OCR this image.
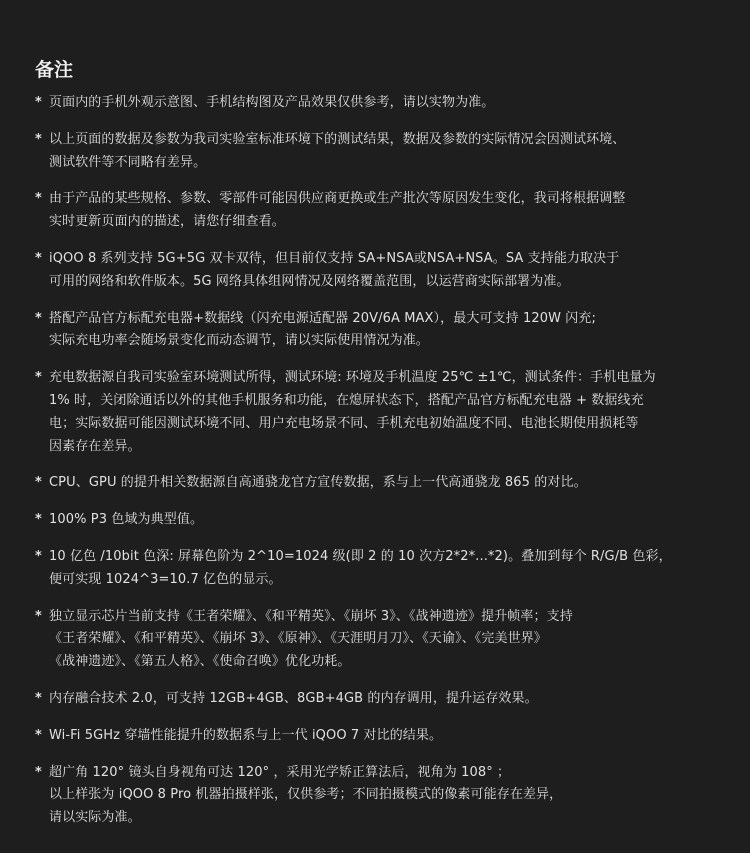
备注
* 页面内的手机外观示意图、手机结构图及产品效果仅供参考，请以实物为准。
* 以上页面的数据及参数为我司实验室标准环境下的测试结果，数据及参数的实际情况会因测试环境、
测试软件等不同略有差异。
* 由于产品的某些规格、参数、零部件可能因供应商更换或生产批次等原因发生变化，我司将根据调整
实时更新页面内的描述，请您仔细查看。
* iQOO 8 系列支持 5G+5G 双卡双待，但目前仅支持 SA+NSA或NSA+NSA。SA 支持能力取决于
可用的网络和软件版本。5G 网络具体组网情况及网络覆盖范围，以运营商实际部署为准。
* 搭配产品官方标配充电器+数据线（闪充电源适配器 20V/6A MAX），最大可支持 120W 闪充;
实际充电功率会随场景变化而动态调节，请以实际使用情况为准。
* 充电数据源自我司实验室环境测试所得，测试环境: 环境及手机温度 25℃ ±1℃，测试条件：手机电量为
1% 时，关闭除通话以外的其他手机服务和功能，在熄屏状态下，搭配产品官方标配充电器 + 数据线充
电；实际数据可能因测试环境不同、用户充电场景不同、手机充电初始温度不同、电池长期使用损耗等
因素存在差异。
* CPU、GPU 的提升相关数据源自高通骁龙官方宣传数据，系与上一代高通骁龙 865 的对比。
* 100% P3 色域为典型值。
* 10 亿色 /10bit 色深: 屏幕色阶为 2^10=1024 级(即 2 的 10 次方2*2*...*2)。叠加到每个 R/G/B 色彩，
便可实现 1024^3=10.7 亿色的显示。
* 独立显示芯片当前支持《王者荣耀》、《和平精英》、《崩坏 3》、《战神遗迹》提升帧率；支持
《王者荣耀》、《和平精英》、《崩坏 3》、《原神》、《天涯明月刀》、《天谕》、《完美世界》
《战神遗迹》、《第五人格》、《使命召唤》优化功耗。
* 内存融合技术 2.0，可支持 12GB+4GB、8GB+4GB 的内存调用，提升运存效果。
* Wi-Fi 5GHz 穿墙性能提升的数据系与上一代 iQOO 7 对比的结果。
* 超广角 120° 镜头自身视角可达 120° ，采用光学矫正算法后，视角为 108° ；
以上样张为 iQOO 8 Pro 机器拍摄样张，仅供参考；不同拍摄模式的像素可能存在差异，
请以实际为准。
